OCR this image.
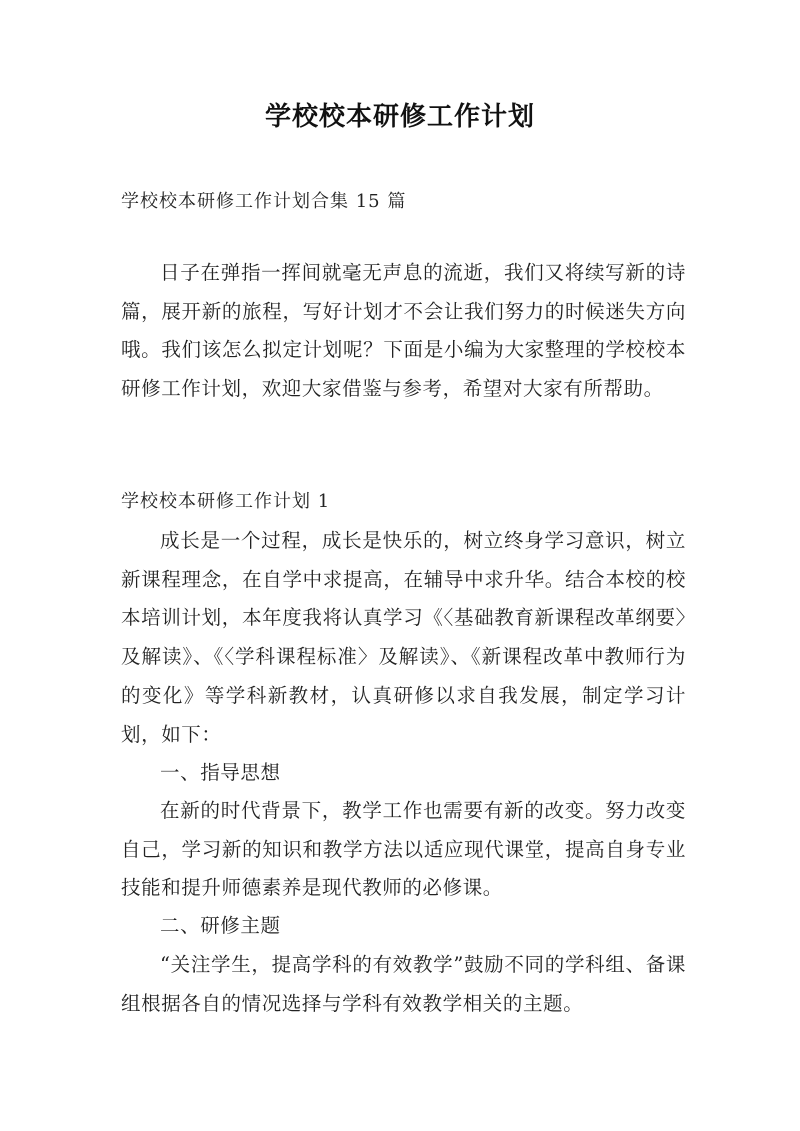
学校校本研修工作计划
学校校本研修工作计划合集 15 篇
日子在弹指一挥间就毫无声息的流逝，我们又将续写新的诗篇，展开新的旅程，写好计划才不会让我们努力的时候迷失方向哦。我们该怎么拟定计划呢？下面是小编为大家整理的学校校本研修工作计划，欢迎大家借鉴与参考，希望对大家有所帮助。
学校校本研修工作计划 1
成长是一个过程，成长是快乐的，树立终身学习意识，树立新课程理念，在自学中求提高，在辅导中求升华。结合本校的校本培训计划，本年度我将认真学习《〈基础教育新课程改革纲要〉及解读》、《〈学科课程标准〉及解读》、《新课程改革中教师行为的变化》等学科新教材，认真研修以求自我发展，制定学习计划，如下：
一、指导思想
在新的时代背景下，教学工作也需要有新的改变。努力改变自己，学习新的知识和教学方法以适应现代课堂，提高自身专业技能和提升师德素养是现代教师的必修课。
二、研修主题
“关注学生，提高学科的有效教学”鼓励不同的学科组、备课组根据各自的情况选择与学科有效教学相关的主题。
